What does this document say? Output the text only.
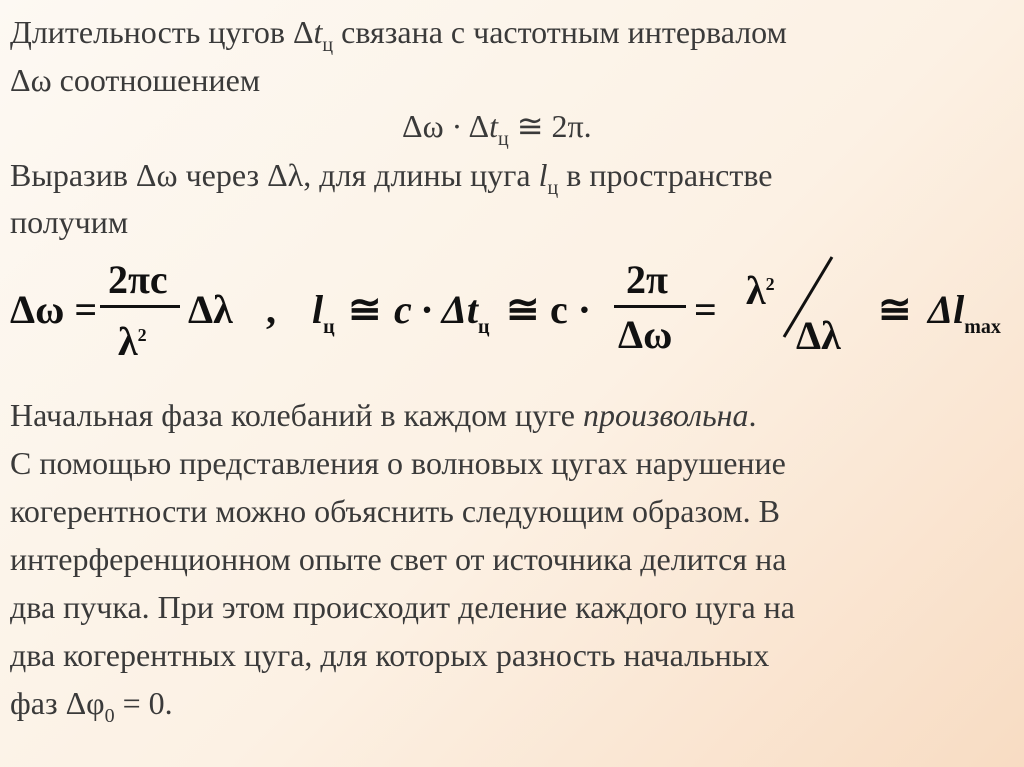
Длительность цугов $\Delta t_ц$ связана с частотным интервалом
Δω соотношением
$\Delta\omega \cdot \Delta t_ц$ ≅ 2π.
Выразив Δω через Δλ, для длины цуга $l_ц$ в пространстве
получим
Δω =
2πc
$\lambda^2$
Δλ , $l_ц$ ≅ $c \cdot \Delta t_ц$ ≅ c ·
2π
Δω
= $\lambda^2$
Δλ
≅ $\Delta l_{max}$
Начальная фаза колебаний в каждом цуге произвольна.
С помощью представления о волновых цугах нарушение
когерентности можно объяснить следующим образом. В
интерференционном опыте свет от источника делится на
два пучка. При этом происходит деление каждого цуга на
два когерентных цуга, для которых разность начальных
фаз $\Delta\varphi_0 = 0$.
